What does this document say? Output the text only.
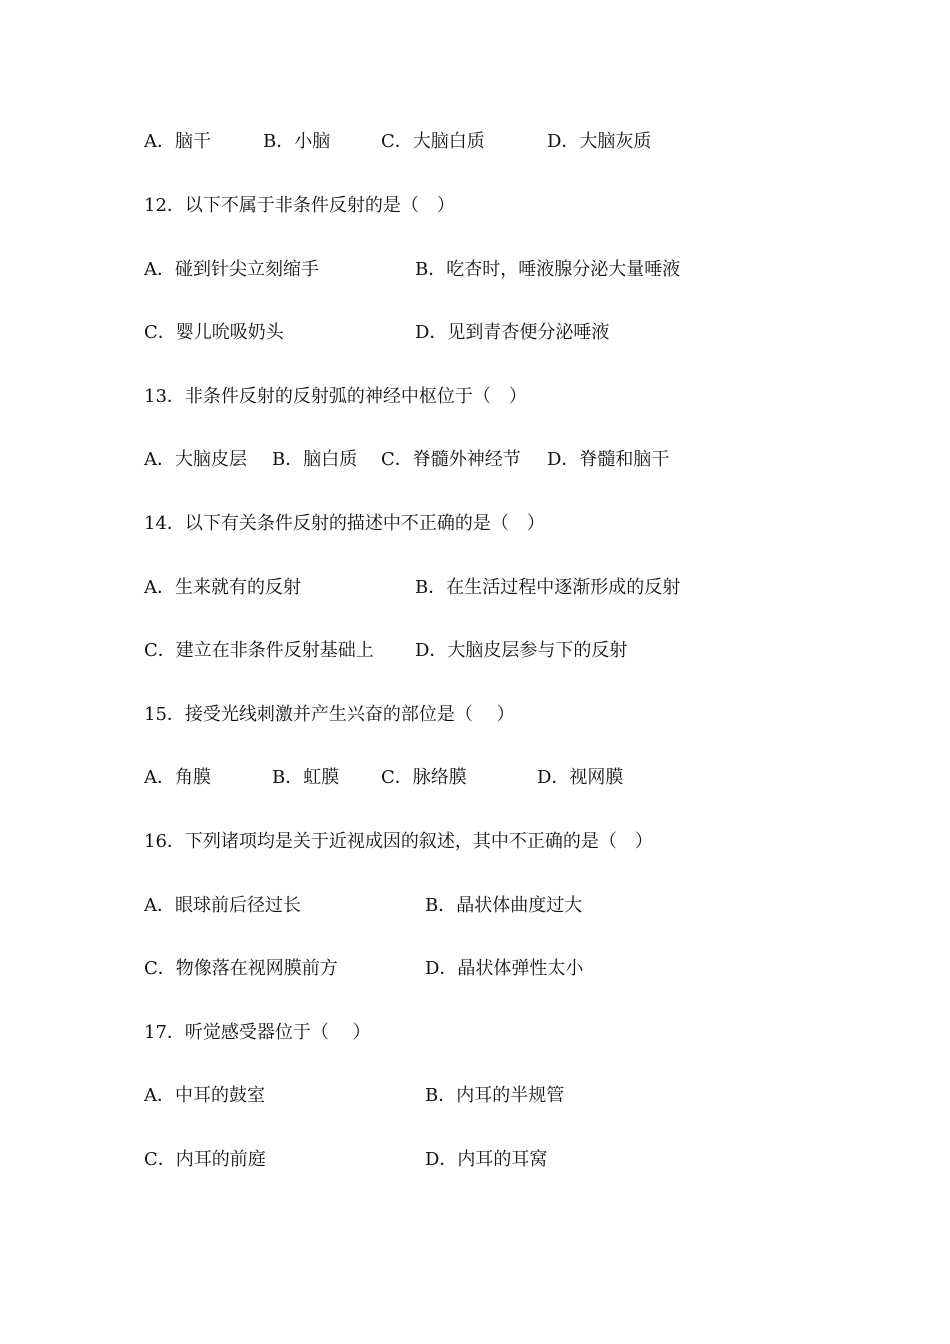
A．脑干	B．小脑	C．大脑白质	D．大脑灰质
12．以下不属于非条件反射的是（　）
A．碰到针尖立刻缩手	B．吃杏时，唾液腺分泌大量唾液
C．婴儿吮吸奶头	D．见到青杏便分泌唾液
13．非条件反射的反射弧的神经中枢位于（　）
A．大脑皮层 B．脑白质 C．脊髓外神经节 D．脊髓和脑干
14．以下有关条件反射的描述中不正确的是（　）
A．生来就有的反射	B．在生活过程中逐渐形成的反射
C．建立在非条件反射基础上 D．大脑皮层参与下的反射
15．接受光线刺激并产生兴奋的部位是（　 ）
A．角膜	B．虹膜 C．脉络膜	D．视网膜
16．下列诸项均是关于近视成因的叙述，其中不正确的是（　）
A．眼球前后径过长	B．晶状体曲度过大
C．物像落在视网膜前方	D．晶状体弹性太小
17．听觉感受器位于（　 ）
A．中耳的鼓室	B．内耳的半规管
C．内耳的前庭	D．内耳的耳窝
